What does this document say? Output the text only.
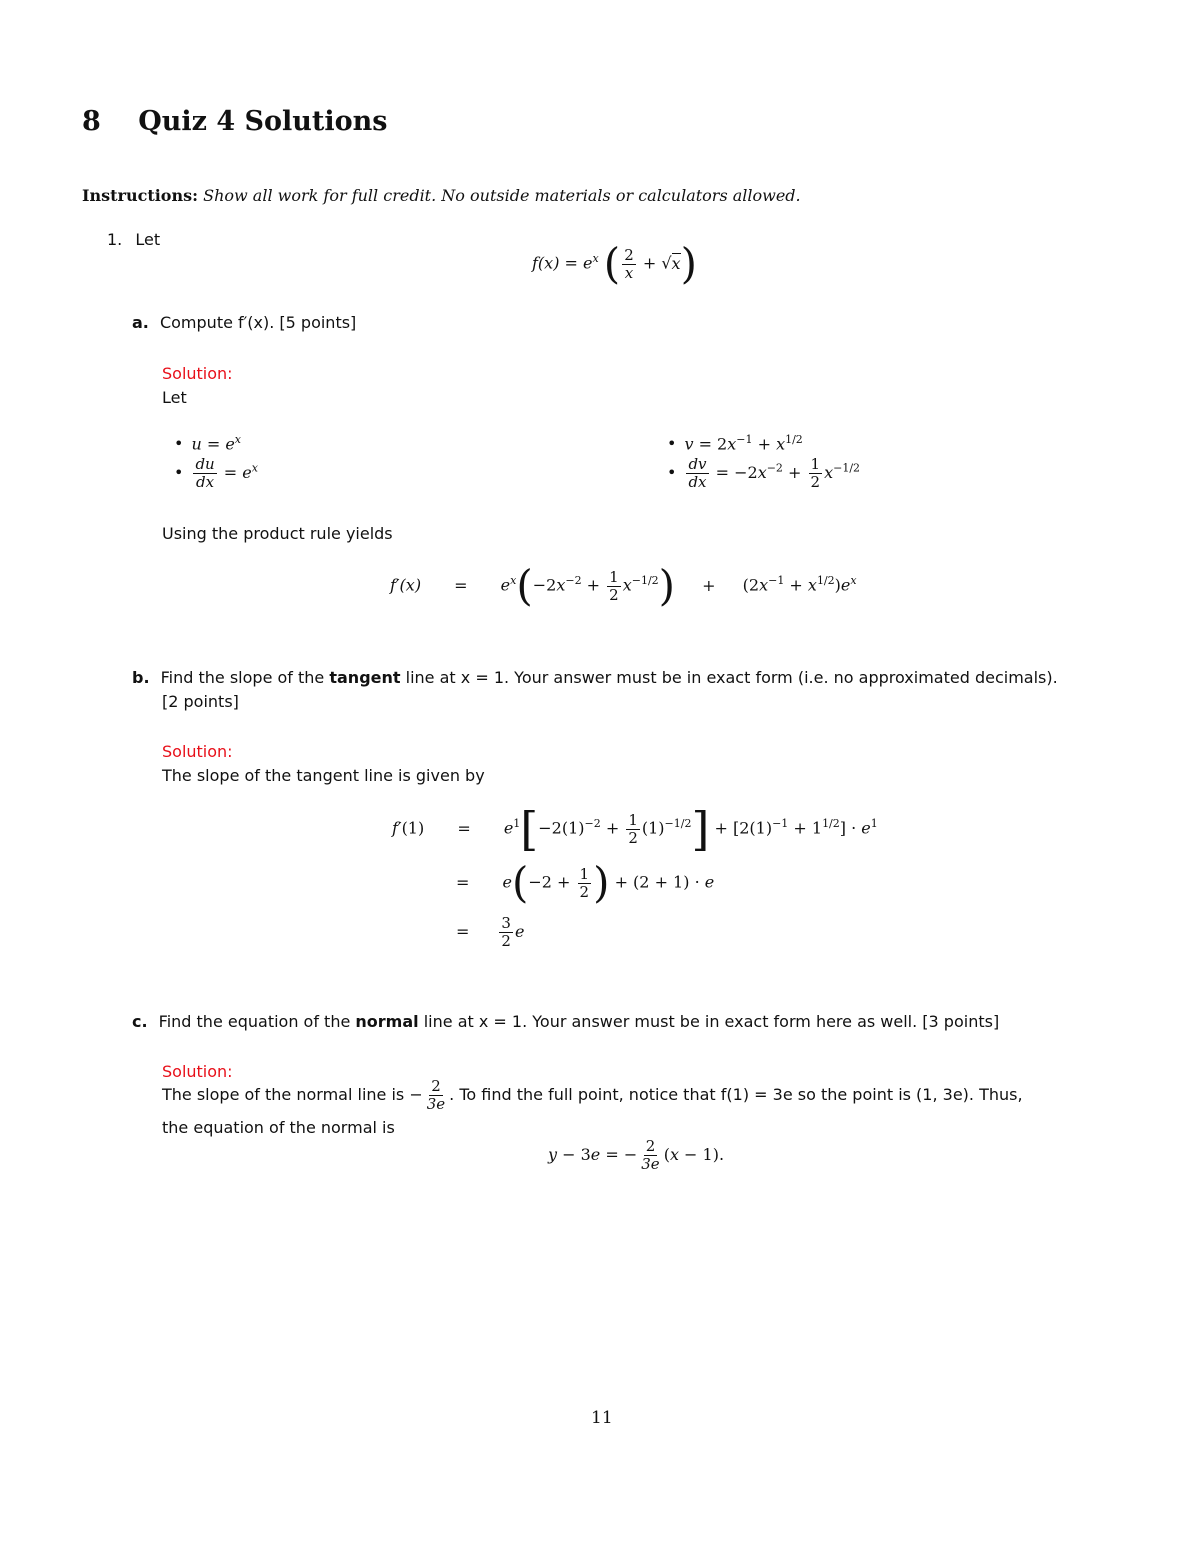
8 Quiz 4 Solutions
Instructions: Show all work for full credit. No outside materials or calculators allowed.
1. Let
$f(x) = e^x$ ( $\frac{2}{x} + √x$)
a. Compute f′(x). [5 points]
Solution:
Let
• $u = e^x$
• $\frac{du}{dx} = e^x$
• $v = 2x^{-1} + x^{1/2}$
• $\frac{dv}{dx} = -2x^{-2} + \frac{1}{2} x^{-1/2}$
Using the product rule yields
$f'(x) = e^x(-2x^{-2} + \frac{1}{2} x^{-1/2}) + (2x^{-1} + x^{1/2})e^x$
b. Find the slope of the tangent line at x = 1. Your answer must be in exact form (i.e. no approximated decimals).
[2 points]
Solution:
The slope of the tangent line is given by
$f'(1) = e^1[-2(1)^{-2} + \frac{1}{2} (1)^{-1/2}] + [2(1)^{-1} + 1^{1/2}] \cdot e^1$
= $e(-2 + \frac{1}{2}$ ) + (2 + 1) · e
= $\frac{3}{2}$ e
c. Find the equation of the normal line at x = 1. Your answer must be in exact form here as well. [3 points]
Solution:
The slope of the normal line is − $\frac{2}{3e}$ . To find the full point, notice that f(1) = 3e so the point is (1, 3e). Thus,
the equation of the normal is
y − 3e = − $\frac{2}{3e} (x - 1)$.
11
